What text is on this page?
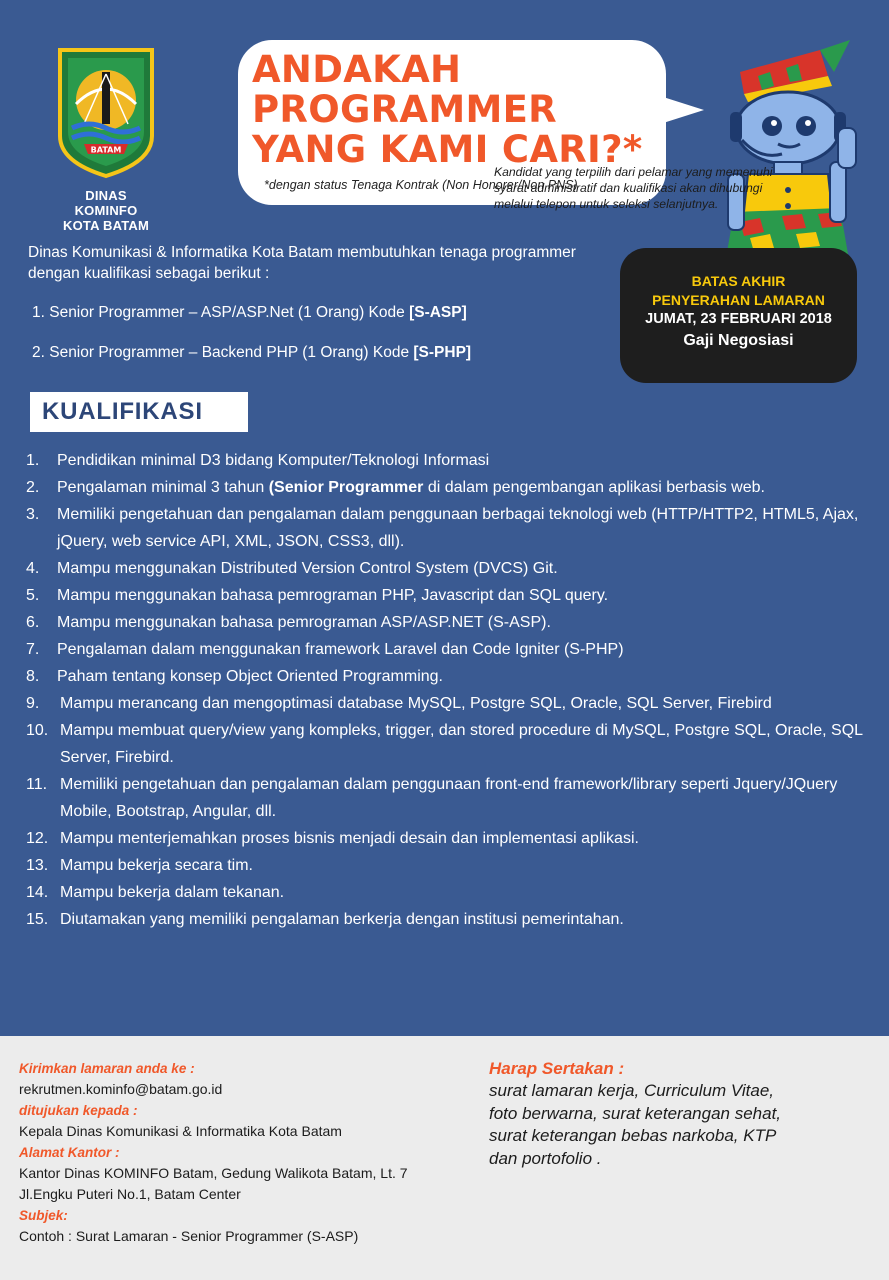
BATAM
DINAS KOMINFO
KOTA BATAM
ANDAKAH
PROGRAMMER
YANG KAMI CARI?*
*dengan status Tenaga Kontrak (Non Honorer/Non PNS)
Dinas Komunikasi & Informatika Kota Batam membutuhkan tenaga programmer dengan kualifikasi sebagai berikut :
1. Senior Programmer – ASP/ASP.Net (1 Orang) Kode [S-ASP]
2. Senior Programmer – Backend PHP (1 Orang) Kode [S-PHP]
BATAS AKHIR
PENYERAHAN LAMARAN
JUMAT, 23 FEBRUARI 2018
Gaji Negosiasi
KUALIFIKASI
1.	Pendidikan minimal D3 bidang Komputer/Teknologi Informasi
2.	Pengalaman minimal 3 tahun (Senior Programmer di dalam pengembangan aplikasi berbasis web.
3.	Memiliki pengetahuan dan pengalaman dalam penggunaan berbagai teknologi web (HTTP/HTTP2, HTML5, Ajax, jQuery, web service API, XML, JSON, CSS3, dll).
4.	Mampu menggunakan Distributed Version Control System (DVCS) Git.
5.	Mampu menggunakan bahasa pemrograman PHP, Javascript dan SQL query.
6.	Mampu menggunakan bahasa pemrograman ASP/ASP.NET (S-ASP).
7.	Pengalaman dalam menggunakan framework Laravel dan Code Igniter (S-PHP)
8.	Paham tentang konsep Object Oriented Programming.
9.	Mampu merancang dan mengoptimasi database MySQL, Postgre SQL, Oracle, SQL Server, Firebird
10. Mampu membuat query/view yang kompleks, trigger, dan stored procedure di MySQL, Postgre SQL, Oracle, SQL Server, Firebird.
11. Memiliki pengetahuan dan pengalaman dalam penggunaan front-end framework/library seperti Jquery/JQuery Mobile, Bootstrap, Angular, dll.
12. Mampu menterjemahkan proses bisnis menjadi desain dan implementasi aplikasi.
13. Mampu bekerja secara tim.
14. Mampu bekerja dalam tekanan.
15. Diutamakan yang memiliki pengalaman berkerja dengan institusi pemerintahan.
Kirimkan lamaran anda ke :
rekrutmen.kominfo@batam.go.id
ditujukan kepada :
Kepala Dinas Komunikasi & Informatika Kota Batam
Alamat Kantor :
Kantor Dinas KOMINFO Batam, Gedung Walikota Batam, Lt. 7
Jl.Engku Puteri No.1, Batam Center
Subjek:
Contoh : Surat Lamaran - Senior Programmer (S-ASP)
Harap Sertakan :
surat lamaran kerja, Curriculum Vitae,
foto berwarna, surat keterangan sehat,
surat keterangan bebas narkoba, KTP
dan portofolio .
Kandidat yang terpilih dari pelamar yang memenuhi
syarat administratif dan kualifikasi akan dihubungi
melalui telepon untuk seleksi selanjutnya.
